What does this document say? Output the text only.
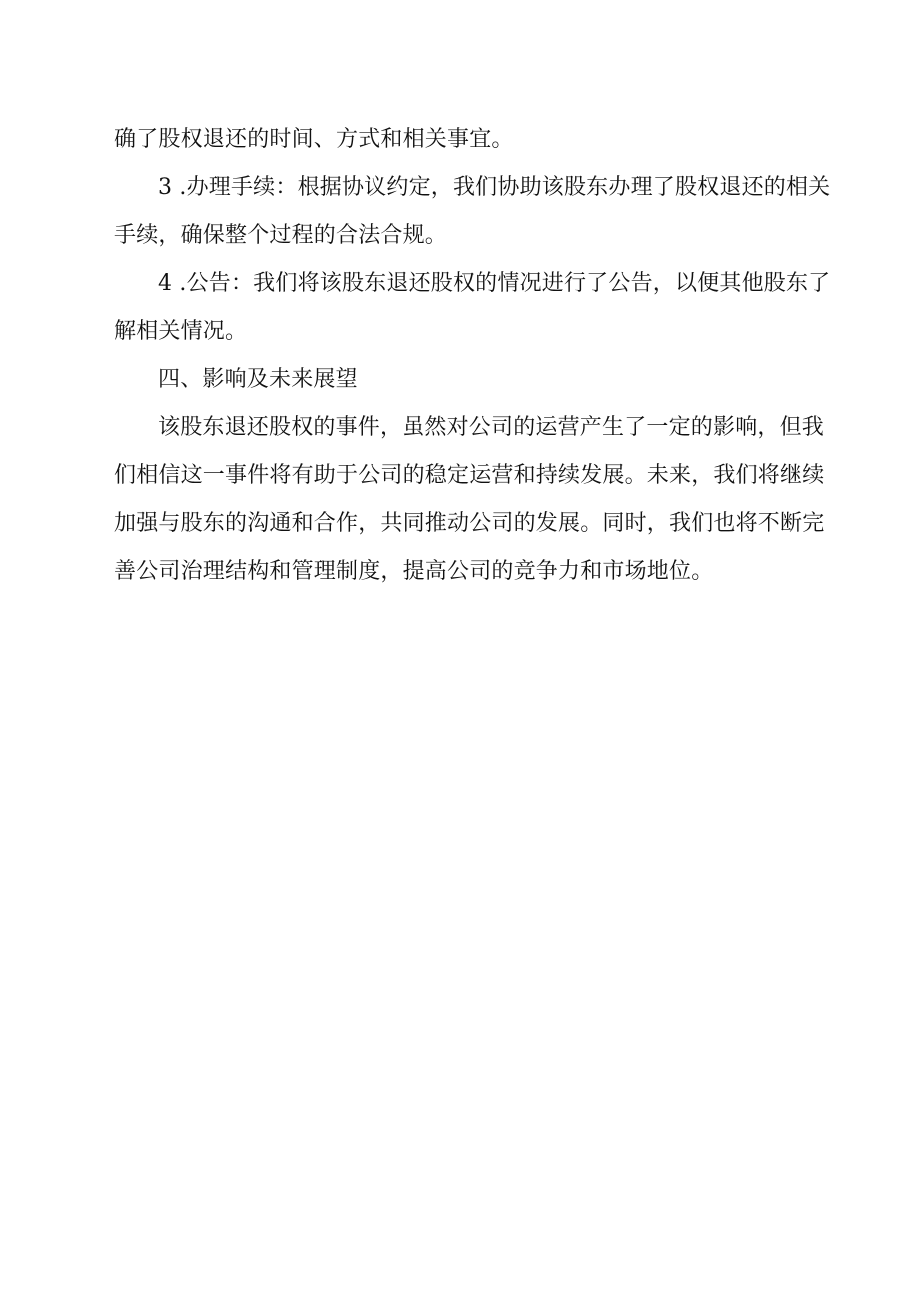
确了股权退还的时间、方式和相关事宜。
3 .办理手续：根据协议约定，我们协助该股东办理了股权退还的相关
手续，确保整个过程的合法合规。
4 .公告：我们将该股东退还股权的情况进行了公告，以便其他股东了
解相关情况。
四、影响及未来展望
该股东退还股权的事件，虽然对公司的运营产生了一定的影响，但我
们相信这一事件将有助于公司的稳定运营和持续发展。未来，我们将继续
加强与股东的沟通和合作，共同推动公司的发展。同时，我们也将不断完
善公司治理结构和管理制度，提高公司的竞争力和市场地位。
